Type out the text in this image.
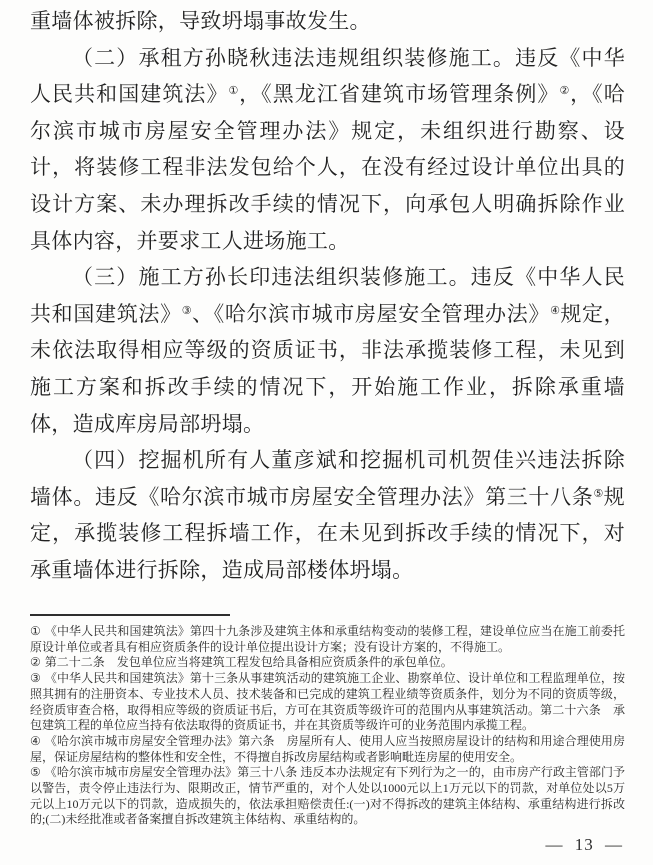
重墙体被拆除，导致坍塌事故发生。

（二）承租方孙晓秋违法违规组织装修施工。违反《中华人民共和国建筑法》①，《黑龙江省建筑市场管理条例》②，《哈尔滨市城市房屋安全管理办法》规定，未组织进行勘察、设计，将装修工程非法发包给个人，在没有经过设计单位出具的设计方案、未办理拆改手续的情况下，向承包人明确拆除作业具体内容，并要求工人进场施工。

（三）施工方孙长印违法组织装修施工。违反《中华人民共和国建筑法》③、《哈尔滨市城市房屋安全管理办法》④规定，未依法取得相应等级的资质证书，非法承揽装修工程，未见到施工方案和拆改手续的情况下，开始施工作业，拆除承重墙体，造成库房局部坍塌。

（四）挖掘机所有人董彦斌和挖掘机司机贺佳兴违法拆除墙体。违反《哈尔滨市城市房屋安全管理办法》第三十八条⑤规定，承揽装修工程拆墙工作，在未见到拆改手续的情况下，对承重墙体进行拆除，造成局部楼体坍塌。

① 《中华人民共和国建筑法》第四十九条涉及建筑主体和承重结构变动的装修工程，建设单位应当在施工前委托原设计单位或者具有相应资质条件的设计单位提出设计方案；没有设计方案的，不得施工。

② 第二十二条　发包单位应当将建筑工程发包给具备相应资质条件的承包单位。

③ 《中华人民共和国建筑法》第十三条从事建筑活动的建筑施工企业、勘察单位、设计单位和工程监理单位，按照其拥有的注册资本、专业技术人员、技术装备和已完成的建筑工程业绩等资质条件，划分为不同的资质等级，经资质审查合格，取得相应等级的资质证书后，方可在其资质等级许可的范围内从事建筑活动。第二十六条　承包建筑工程的单位应当持有依法取得的资质证书，并在其资质等级许可的业务范围内承揽工程。

④ 《哈尔滨市城市房屋安全管理办法》第六条　房屋所有人、使用人应当按照房屋设计的结构和用途合理使用房屋，保证房屋结构的整体性和安全性，不得擅自拆改房屋结构或者影响毗连房屋的使用安全。

⑤ 《哈尔滨市城市房屋安全管理办法》第三十八条 违反本办法规定有下列行为之一的，由市房产行政主管部门予以警告，责令停止违法行为、限期改正，情节严重的，对个人处以1000元以上1万元以下的罚款，对单位处以5万元以上10万元以下的罚款，造成损失的，依法承担赔偿责任:(一)对不得拆改的建筑主体结构、承重结构进行拆改的;(二)未经批准或者备案擅自拆改建筑主体结构、承重结构的。

— 13 —
